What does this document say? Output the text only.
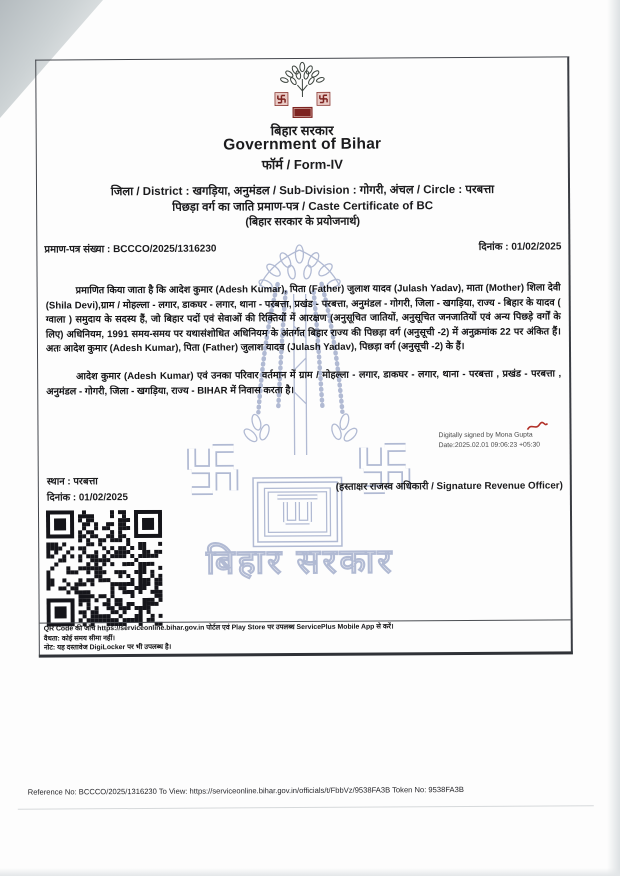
बिहार सरकार
बिहार सरकार
Government of Bihar
फॉर्म / Form-IV
जिला / District : खगड़िया, अनुमंडल / Sub-Division : गोगरी, अंचल / Circle : परबत्ता
पिछड़ा वर्ग का जाति प्रमाण-पत्र / Caste Certificate of BC
(बिहार सरकार के प्रयोजनार्थ)
प्रमाण-पत्र संख्या : BCCCO/2025/1316230	दिनांक : 01/02/2025

प्रमाणित किया जाता है कि आदेश कुमार (Adesh Kumar), पिता (Father) जुलाश यादव (Julash Yadav), माता (Mother) शिला देवी (Shila Devi),ग्राम / मोहल्ला - लगार, डाकघर - लगार, थाना - परबत्ता, प्रखंड - परबत्ता, अनुमंडल - गोगरी, जिला - खगड़िया, राज्य - बिहार के यादव ( ग्वाला ) समुदाय के सदस्य हैं, जो बिहार पदों एवं सेवाओं की रिक्तियों में आरक्षण (अनुसूचित जातियों, अनुसूचित जनजातियों एवं अन्य पिछड़े वर्गों के लिए) अधिनियम, 1991 समय-समय पर यथासंशोधित अधिनियम के अंतर्गत बिहार राज्य की पिछड़ा वर्ग (अनुसूची -2) में अनुक्रमांक 22 पर अंकित हैं। अतः आदेश कुमार (Adesh Kumar), पिता (Father) जुलाश यादव (Julash Yadav), पिछड़ा वर्ग (अनुसूची -2) के हैं।

आदेश कुमार (Adesh Kumar) एवं उनका परिवार वर्तमान में ग्राम / मोहल्ला - लगार, डाकघर - लगार, थाना - परबत्ता , प्रखंड - परबत्ता , अनुमंडल - गोगरी, जिला - खगड़िया, राज्य - BIHAR में निवास करता है।

Digitally signed by Mona Gupta
Date:2025.02.01 09:06:23 +05:30
स्थान : परबत्ता
दिनांक : 01/02/2025
(हस्ताक्षर राजस्व अधिकारी / Signature Revenue Officer)
QR Code की जाँच https://serviceonline.bihar.gov.in पोर्टल एवं Play Store पर उपलब्ध ServicePlus Mobile App से करें।
वैधता: कोई समय सीमा नहीं।
नोट: यह दस्तावेज DigiLocker पर भी उपलब्ध है।
Reference No: BCCCO/2025/1316230 To View: https://serviceonline.bihar.gov.in/officials/t/FbbVz/9538FA3B Token No: 9538FA3B
